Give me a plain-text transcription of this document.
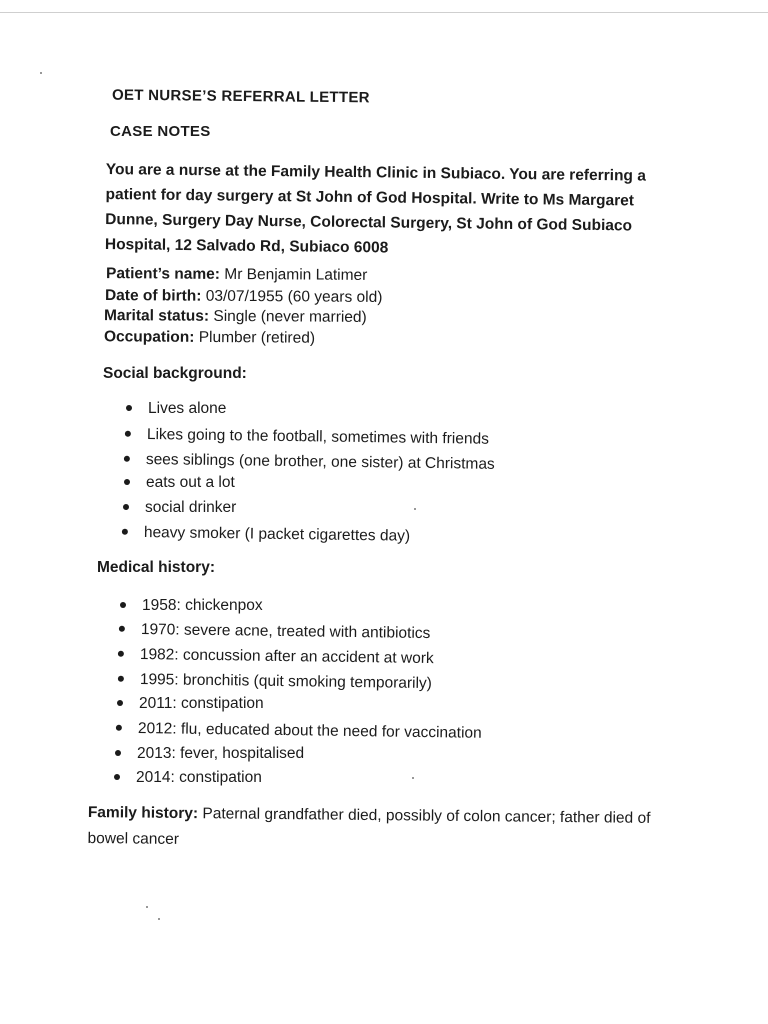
OET NURSE’S REFERRAL LETTER
CASE NOTES
You are a nurse at the Family Health Clinic in Subiaco. You are referring a
patient for day surgery at St John of God Hospital. Write to Ms Margaret
Dunne, Surgery Day Nurse, Colorectal Surgery, St John of God Subiaco
Hospital, 12 Salvado Rd, Subiaco 6008
Patient’s name: Mr Benjamin Latimer
Date of birth: 03/07/1955 (60 years old)
Marital status: Single (never married)
Occupation: Plumber (retired)
Social background:
Lives alone
Likes going to the football, sometimes with friends
sees siblings (one brother, one sister) at Christmas
eats out a lot
social drinker
heavy smoker (I packet cigarettes day)
Medical history:
1958: chickenpox
1970: severe acne, treated with antibiotics
1982: concussion after an accident at work
1995: bronchitis (quit smoking temporarily)
2011: constipation
2012: flu, educated about the need for vaccination
2013: fever, hospitalised
2014: constipation
Family history: Paternal grandfather died, possibly of colon cancer; father died of bowel cancer
